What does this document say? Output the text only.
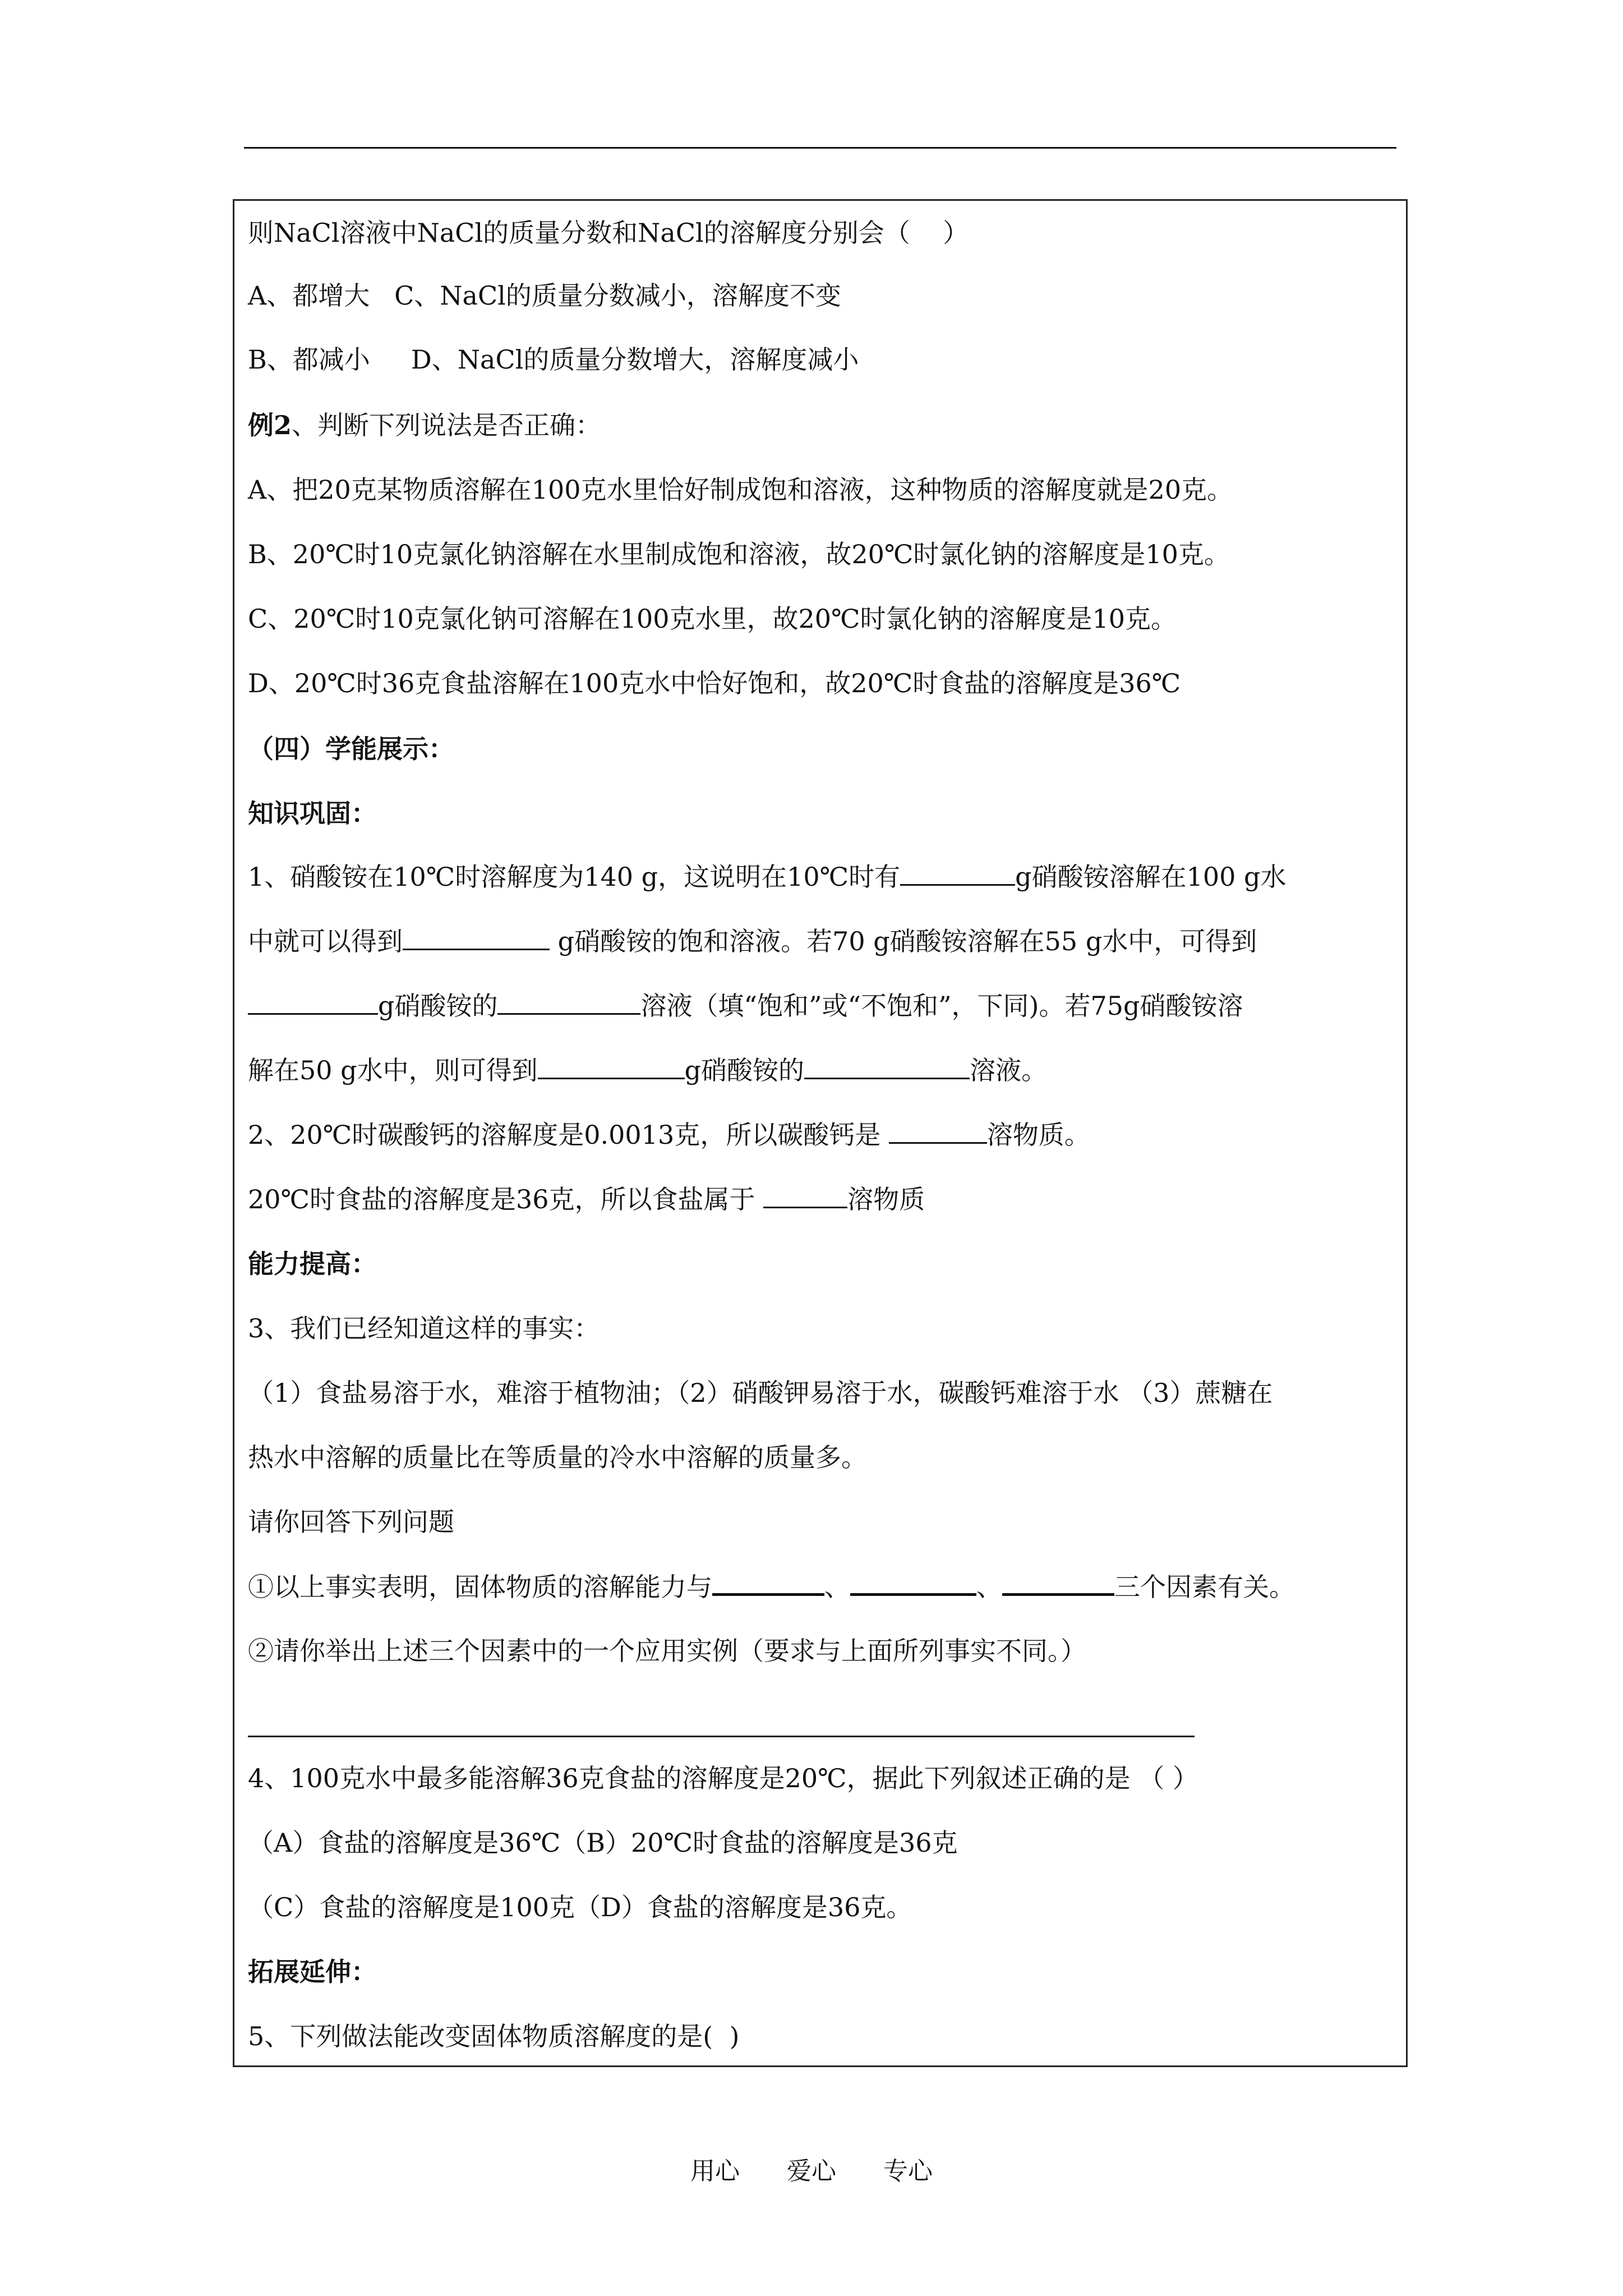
则NaCl溶液中NaCl的质量分数和NaCl的溶解度分别会（    ）
A、都增大   C、NaCl的质量分数减小，溶解度不变
B、都减小     D、NaCl的质量分数增大，溶解度减小
例2、判断下列说法是否正确：
A、把20克某物质溶解在100克水里恰好制成饱和溶液，这种物质的溶解度就是20克。
B、20℃时10克氯化钠溶解在水里制成饱和溶液，故20℃时氯化钠的溶解度是10克。
C、20℃时10克氯化钠可溶解在100克水里，故20℃时氯化钠的溶解度是10克。
D、20℃时36克食盐溶解在100克水中恰好饱和，故20℃时食盐的溶解度是36℃
（四）学能展示：
知识巩固：
1、硝酸铵在10℃时溶解度为140 g，这说明在10℃时有	g硝酸铵溶解在100 g水
中就可以得到	g硝酸铵的饱和溶液。若70 g硝酸铵溶解在55 g水中，可得到
g硝酸铵的	溶液（填“饱和”或“不饱和”，下同)。若75g硝酸铵溶
解在50 g水中，则可得到	g硝酸铵的	溶液。
2、20℃时碳酸钙的溶解度是0.0013克，所以碳酸钙是	溶物质。
20℃时食盐的溶解度是36克，所以食盐属于	溶物质
能力提高：
3、我们已经知道这样的事实：
（1）食盐易溶于水，难溶于植物油；（2）硝酸钾易溶于水，碳酸钙难溶于水 （3）蔗糖在
热水中溶解的质量比在等质量的冷水中溶解的质量多。
请你回答下列问题
①以上事实表明，固体物质的溶解能力与	、	、	三个因素有关。
②请你举出上述三个因素中的一个应用实例（要求与上面所列事实不同。）
4、100克水中最多能溶解36克食盐的溶解度是20℃，据此下列叙述正确的是 （ ）
（A）食盐的溶解度是36℃（B）20℃时食盐的溶解度是36克
（C）食盐的溶解度是100克（D）食盐的溶解度是36克。
拓展延伸：
5、下列做法能改变固体物质溶解度的是(  )
用心  爱心  专心
